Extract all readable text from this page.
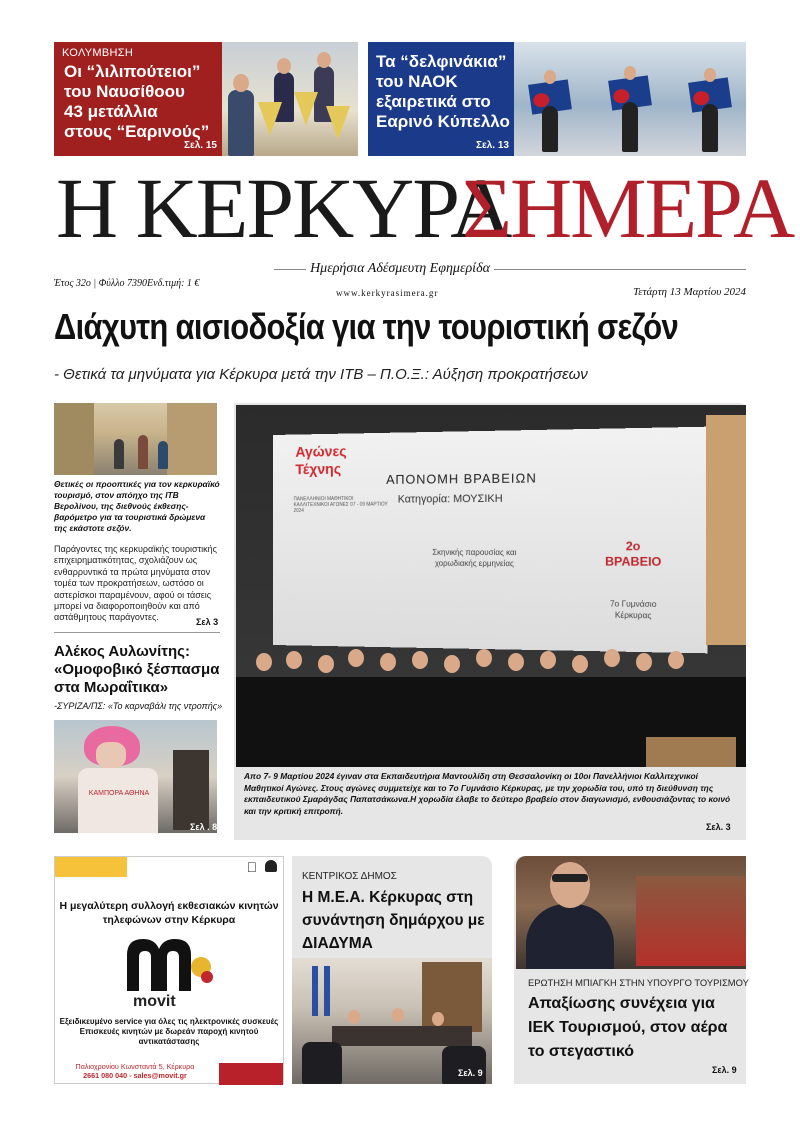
ΚΟΛΥΜΒΗΣΗ
Οι “λιλιπούτειοι”
του Ναυσίθοου
43 μετάλλια
στους “Εαρινούς”
Σελ. 15
Τα “δελφινάκια”
του ΝΑΟΚ
εξαιρετικά στο
Εαρινό Κύπελλο
Σελ. 13
Η ΚΕΡΚΥΡΑ
ΣΗΜΕΡΑ
Ημερήσια Αδέσμευτη Εφημερίδα
Έτος 32ο | Φύλλο 7390Ενδ.τιμή: 1 €
www.kerkyrasimera.gr	Τετάρτη 13 Μαρτίου 2024
Διάχυτη αισιοδοξία για την τουριστική σεζόν
- Θετικά τα μηνύματα για Κέρκυρα μετά την ΙΤΒ – Π.Ο.Ξ.: Αύξηση προκρατήσεων
Θετικές οι προοπτικές για τον κερκυραϊκό τουρισμό, στον απόηχο της ΙΤΒ Βερολίνου, της διεθνούς έκθεσης-βαρόμετρο για τα τουριστικά δρώμενα της εκάστοτε σεζόν.
Παράγοντες της κερκυραϊκής τουριστικής επιχειρηματικότητας, σχολιάζουν ως ενθαρρυντικά τα πρώτα μηνύματα στον τομέα των προκρατήσεων, ωστόσο οι αστερίσκοι παραμένουν, αφού οι τάσεις μπορεί να διαφοροποιηθούν και από αστάθμητους παράγοντες.	Σελ 3
Αλέκος Αυλωνίτης: «Ομοφοβικό ξέσπασμα στα Μωραΐτικα»
-ΣΥΡΙΖΑ/ΠΣ: «Το καρναβάλι της ντροπής»
ΚΑΜΠΟΡΑ ΑΘΗΝΑ
Σελ . 8
Αγώνες Τέχνης
ΠΑΝΕΛΛΗΝΙΟΙ ΜΑΘΗΤΙΚΟΙ ΚΑΛΛΙΤΕΧΝΙΚΟΙ ΑΓΩΝΕΣ 07 - 09 ΜΑΡΤΙΟΥ 2024
ΑΠΟΝΟΜΗ ΒΡΑΒΕΙΩΝ
Κατηγορία: ΜΟΥΣΙΚΗ
Σκηνικής παρουσίας και χορωδιακής ερμηνείας
2ο ΒΡΑΒΕΙΟ
7ο Γυμνάσιο Κέρκυρας
Απο 7- 9 Μαρτίου 2024 έγιναν στα Εκπαιδευτήρια Μαντουλίδη στη Θεσσαλονίκη οι 10οι Πανελλήνιοι Καλλιτεχνικοί Μαθητικοί Αγώνες. Στους αγώνες συμμετείχε και το 7ο Γυμνάσιο Κέρκυρας, με την χορωδία του, υπό τη διεύθυνση της εκπαιδευτικού Σμαράγδας Παπατσάκωνα.Η χορωδία έλαβε το δεύτερο βραβείο στον διαγωνισμό, ενθουσιάζοντας το κοινό και την κριτική επιτροπή.
Σελ. 3
Η μεγαλύτερη συλλογή εκθεσιακών κινητών τηλεφώνων στην Κέρκυρα
movit
Εξειδικευμένο service για όλες τις ηλεκτρονικές συσκευές Επισκευές κινητών με δωρεάν παροχή κινητού αντικατάστασης
Παλιοχρονίου Κωνσταντά 5, Κέρκυρα
2661 080 040 - sales@movit.gr
ΚΕΝΤΡΙΚΟΣ ΔΗΜΟΣ
Η Μ.Ε.Α. Κέρκυρας στη συνάντηση δημάρχου με ΔΙΑΔΥΜΑ
Σελ. 9
ΕΡΩΤΗΣΗ ΜΠΙΑΓΚΗ ΣΤΗΝ ΥΠΟΥΡΓΟ ΤΟΥΡΙΣΜΟΥ
Απαξίωσης συνέχεια για ΙΕΚ Τουρισμού, στον αέρα το στεγαστικό
Σελ. 9
